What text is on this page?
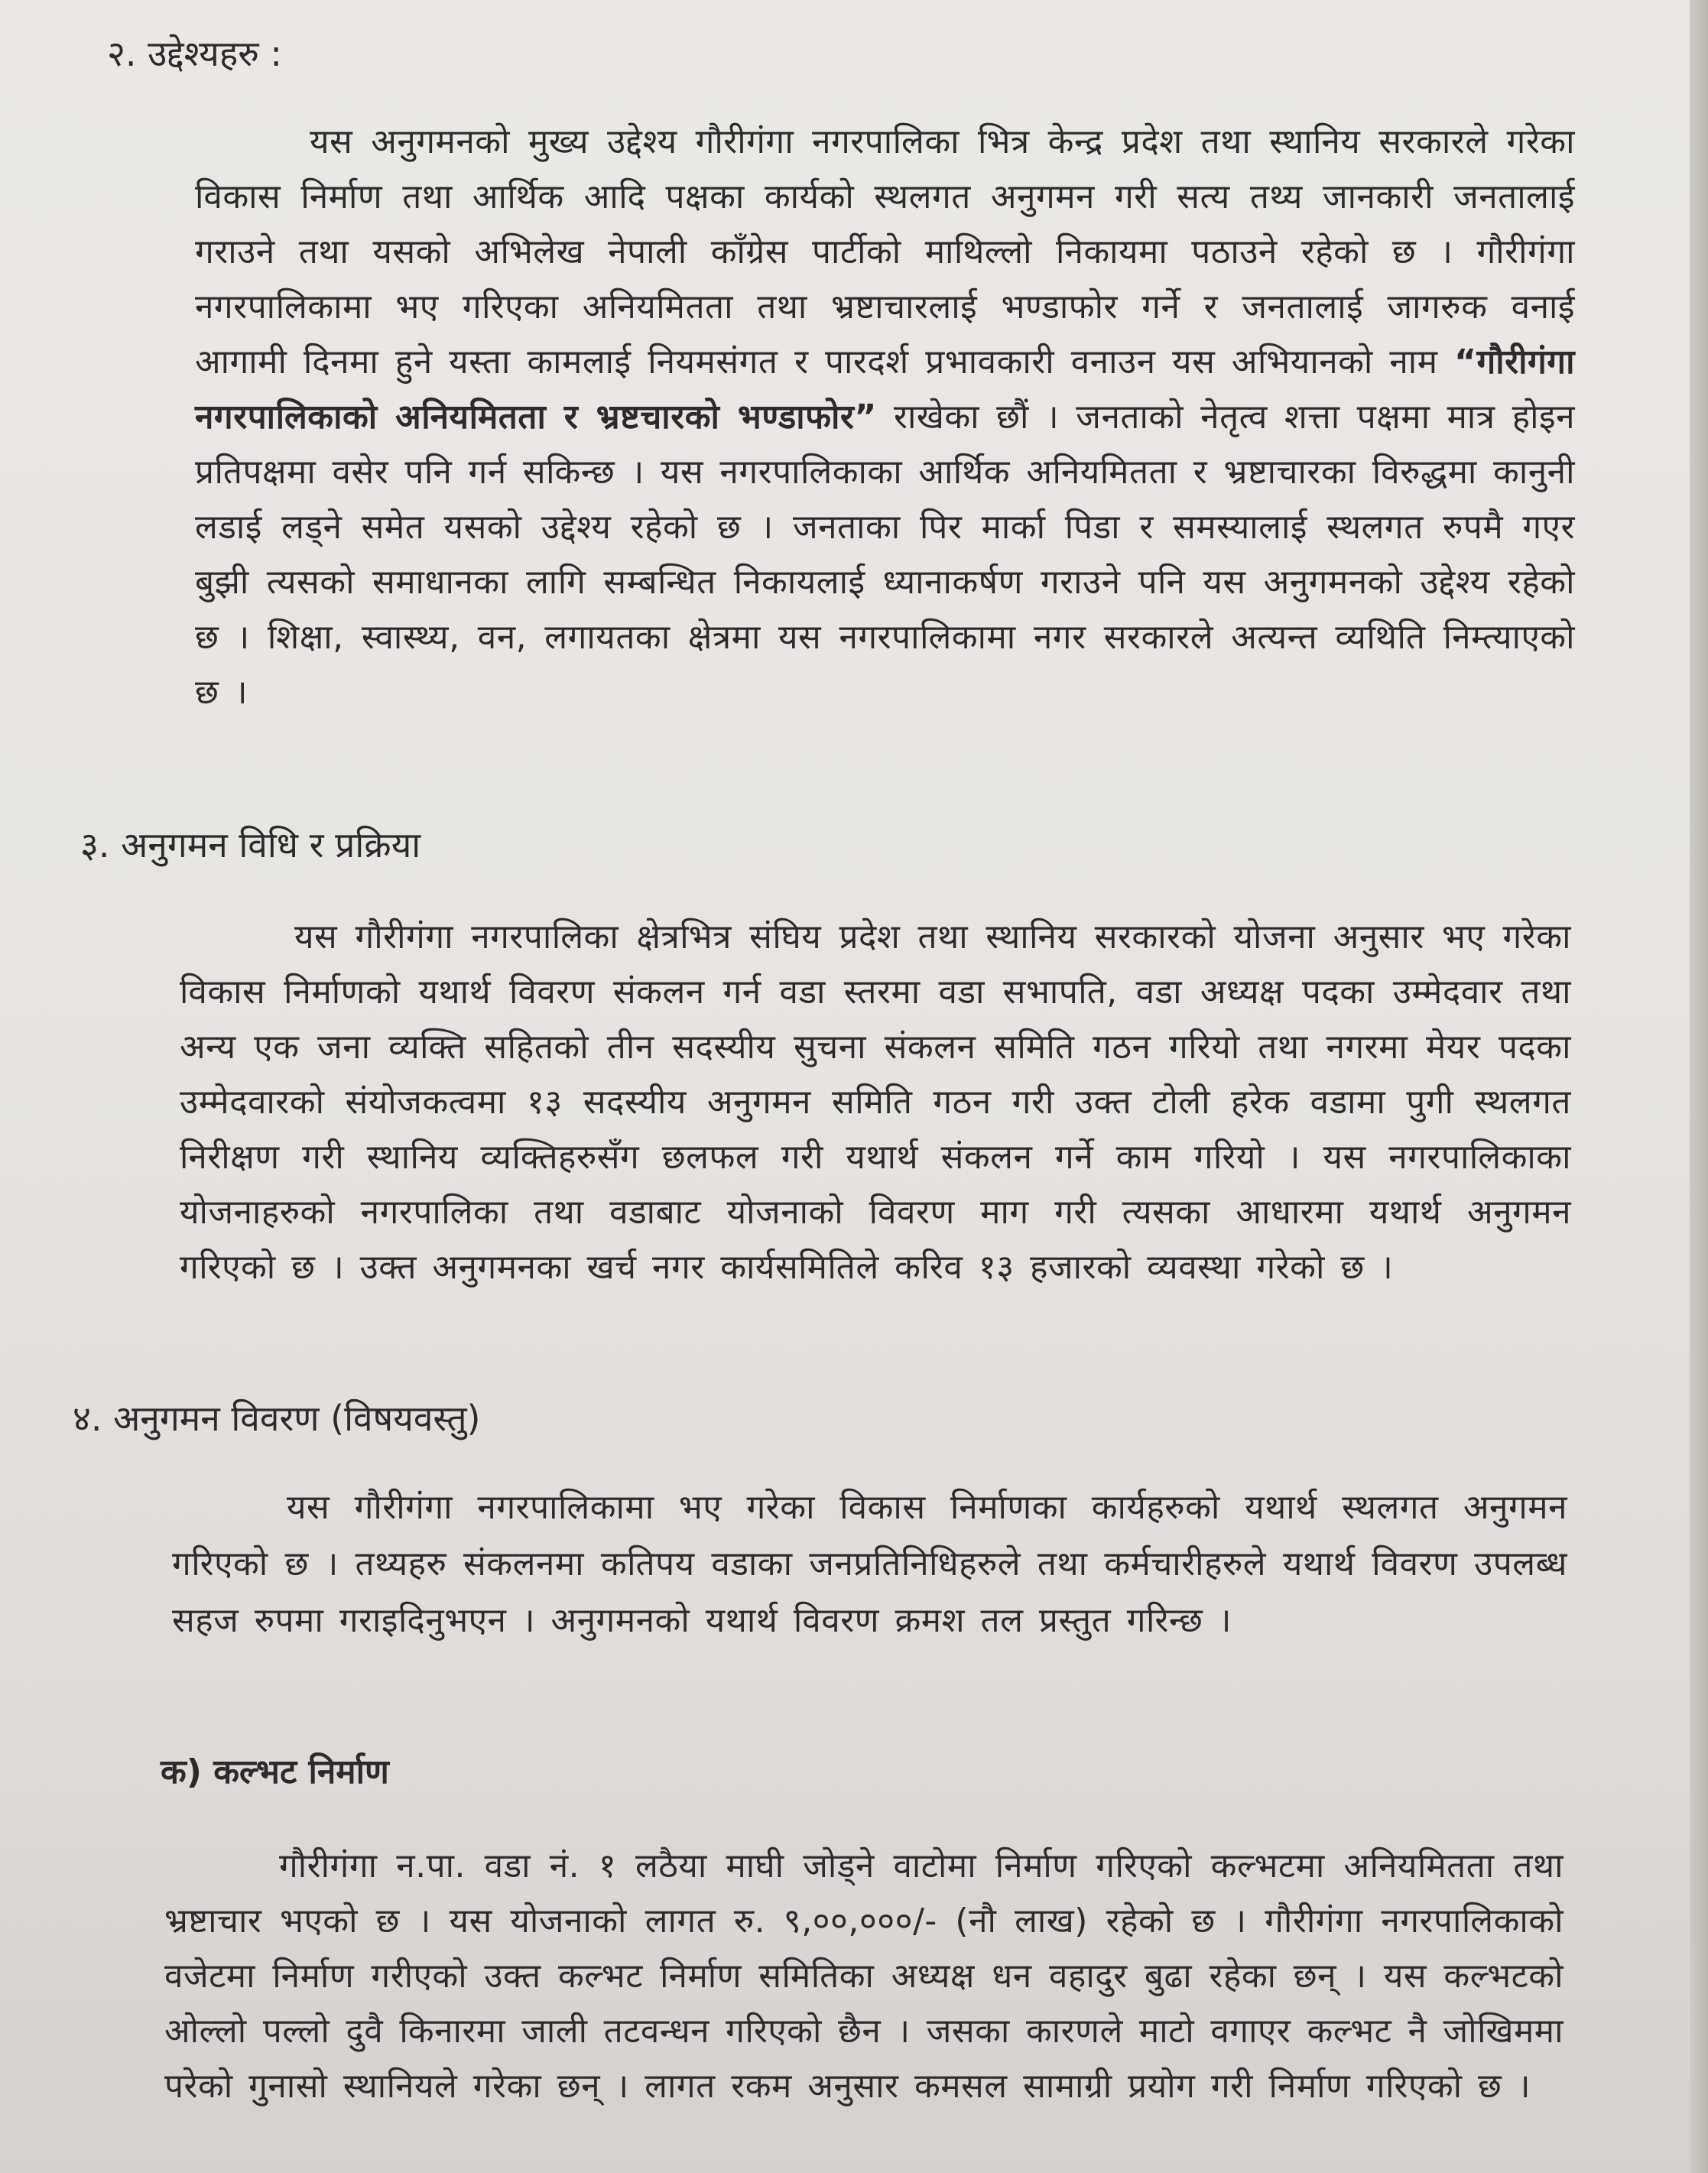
२. उद्देश्यहरु :

यस अनुगमनको मुख्य उद्देश्य गौरीगंगा नगरपालिका भित्र केन्द्र प्रदेश तथा स्थानिय सरकारले गरेका विकास निर्माण तथा आर्थिक आदि पक्षका कार्यको स्थलगत अनुगमन गरी सत्य तथ्य जानकारी जनतालाई गराउने तथा यसको अभिलेख नेपाली काँग्रेस पार्टीको माथिल्लो निकायमा पठाउने रहेको छ । गौरीगंगा नगरपालिकामा भए गरिएका अनियमितता तथा भ्रष्टाचारलाई भण्डाफोर गर्ने र जनतालाई जागरुक वनाई आगामी दिनमा हुने यस्ता कामलाई नियमसंगत र पारदर्श प्रभावकारी वनाउन यस अभियानको नाम “गौरीगंगा नगरपालिकाको अनियमितता र भ्रष्टचारको भण्डाफोर” राखेका छौं । जनताको नेतृत्व शत्ता पक्षमा मात्र होइन प्रतिपक्षमा वसेर पनि गर्न सकिन्छ । यस नगरपालिकाका आर्थिक अनियमितता र भ्रष्टाचारका विरुद्धमा कानुनी लडाई लड्ने समेत यसको उद्देश्य रहेको छ । जनताका पिर मार्का पिडा र समस्यालाई स्थलगत रुपमै गएर बुझी त्यसको समाधानका लागि सम्बन्धित निकायलाई ध्यानाकर्षण गराउने पनि यस अनुगमनको उद्देश्य रहेको छ । शिक्षा, स्वास्थ्य, वन, लगायतका क्षेत्रमा यस नगरपालिकामा नगर सरकारले अत्यन्त व्यथिति निम्त्याएको छ ।

३. अनुगमन विधि र प्रक्रिया

यस गौरीगंगा नगरपालिका क्षेत्रभित्र संघिय प्रदेश तथा स्थानिय सरकारको योजना अनुसार भए गरेका विकास निर्माणको यथार्थ विवरण संकलन गर्न वडा स्तरमा वडा सभापति, वडा अध्यक्ष पदका उम्मेदवार तथा अन्य एक जना व्यक्ति सहितको तीन सदस्यीय सुचना संकलन समिति गठन गरियो तथा नगरमा मेयर पदका उम्मेदवारको संयोजकत्वमा १३ सदस्यीय अनुगमन समिति गठन गरी उक्त टोली हरेक वडामा पुगी स्थलगत निरीक्षण गरी स्थानिय व्यक्तिहरुसँग छलफल गरी यथार्थ संकलन गर्ने काम गरियो । यस नगरपालिकाका योजनाहरुको नगरपालिका तथा वडाबाट योजनाको विवरण माग गरी त्यसका आधारमा यथार्थ अनुगमन गरिएको छ । उक्त अनुगमनका खर्च नगर कार्यसमितिले करिव १३ हजारको व्यवस्था गरेको छ ।

४. अनुगमन विवरण (विषयवस्तु)

यस गौरीगंगा नगरपालिकामा भए गरेका विकास निर्माणका कार्यहरुको यथार्थ स्थलगत अनुगमन गरिएको छ । तथ्यहरु संकलनमा कतिपय वडाका जनप्रतिनिधिहरुले तथा कर्मचारीहरुले यथार्थ विवरण उपलब्ध सहज रुपमा गराइदिनुभएन । अनुगमनको यथार्थ विवरण क्रमश तल प्रस्तुत गरिन्छ ।

क) कल्भट निर्माण

गौरीगंगा न.पा. वडा नं. १ लठैया माघी जोड्ने वाटोमा निर्माण गरिएको कल्भटमा अनियमितता तथा भ्रष्टाचार भएको छ । यस योजनाको लागत रु. ९,००,०००/- (नौ लाख) रहेको छ । गौरीगंगा नगरपालिकाको वजेटमा निर्माण गरीएको उक्त कल्भट निर्माण समितिका अध्यक्ष धन वहादुर बुढा रहेका छन् । यस कल्भटको ओल्लो पल्लो दुवै किनारमा जाली तटवन्धन गरिएको छैन । जसका कारणले माटो वगाएर कल्भट नै जोखिममा परेको गुनासो स्थानियले गरेका छन् । लागत रकम अनुसार कमसल सामाग्री प्रयोग गरी निर्माण गरिएको छ ।
